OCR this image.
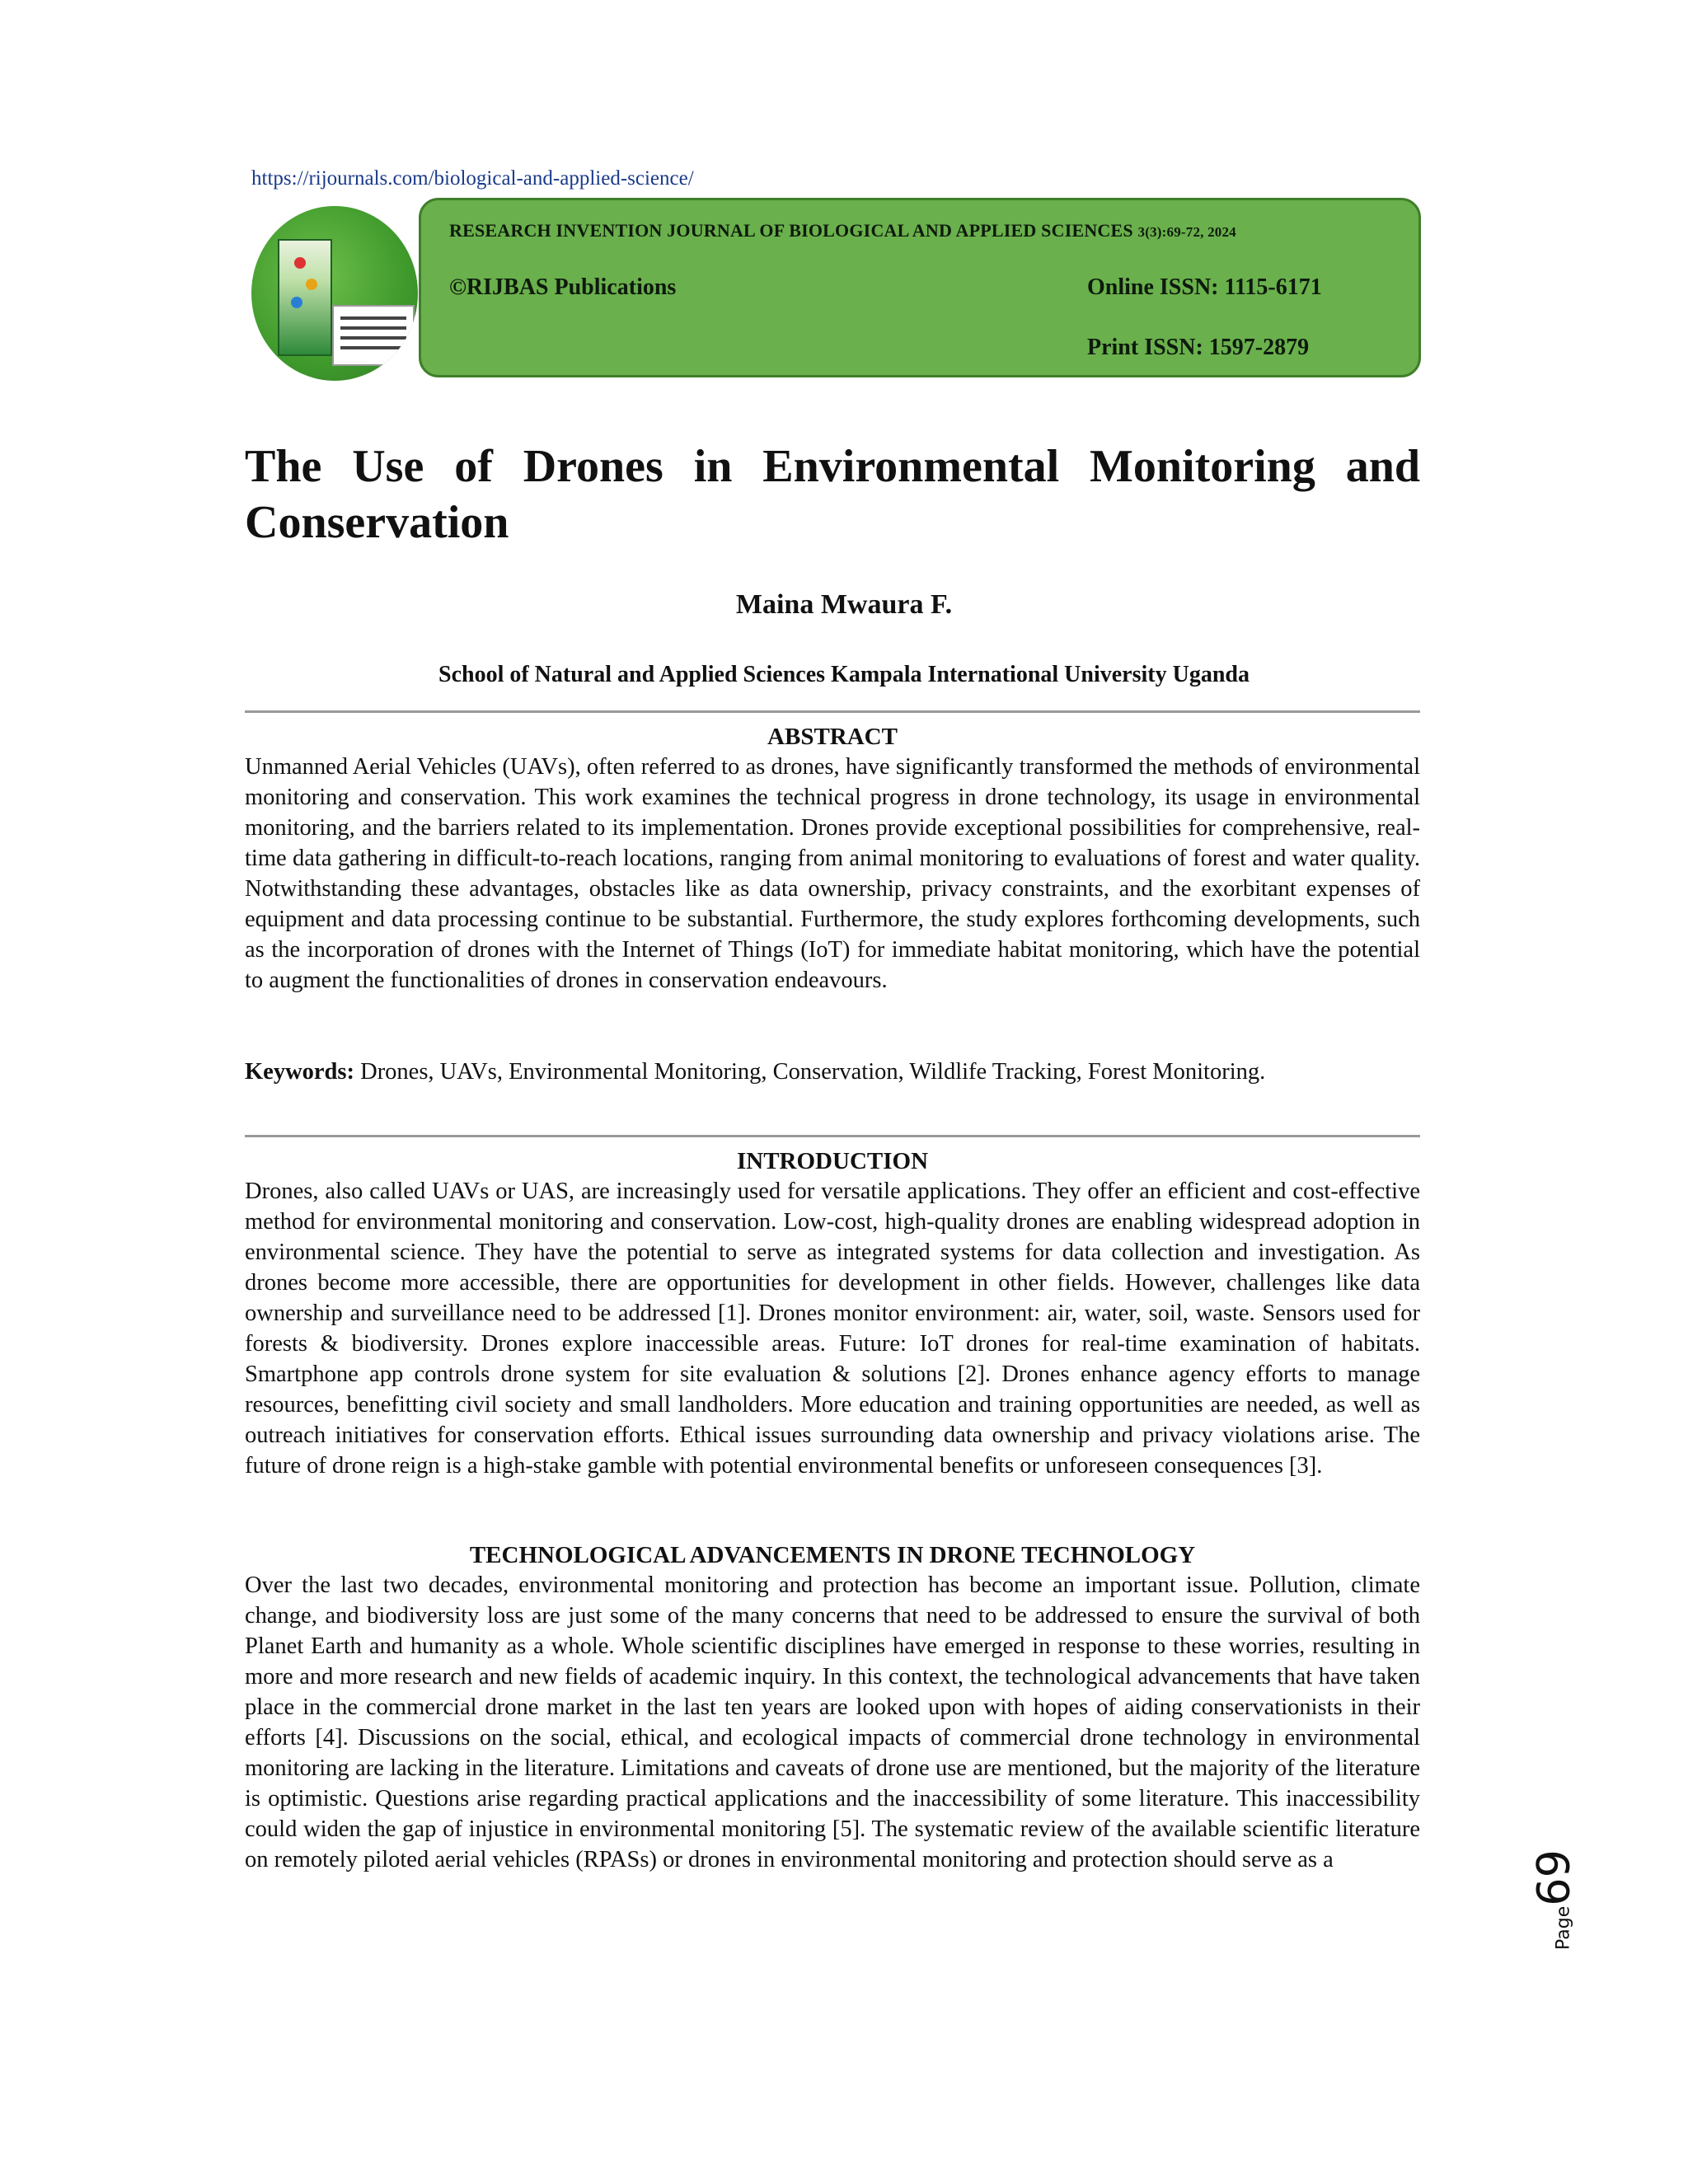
https://rijournals.com/biological-and-applied-science/
RESEARCH INVENTION JOURNAL OF BIOLOGICAL AND APPLIED SCIENCES 3(3):69-72, 2024
©RIJBAS Publications	Online ISSN: 1115-6171
Print ISSN: 1597-2879
The Use of Drones in Environmental Monitoring and Conservation
Maina Mwaura F.
School of Natural and Applied Sciences Kampala International University Uganda
ABSTRACT

Unmanned Aerial Vehicles (UAVs), often referred to as drones, have significantly transformed the methods of environmental monitoring and conservation. This work examines the technical progress in drone technology, its usage in environmental monitoring, and the barriers related to its implementation. Drones provide exceptional possibilities for comprehensive, real-time data gathering in difficult-to-reach locations, ranging from animal monitoring to evaluations of forest and water quality. Notwithstanding these advantages, obstacles like as data ownership, privacy constraints, and the exorbitant expenses of equipment and data processing continue to be substantial. Furthermore, the study explores forthcoming developments, such as the incorporation of drones with the Internet of Things (IoT) for immediate habitat monitoring, which have the potential to augment the functionalities of drones in conservation endeavours.

Keywords: Drones, UAVs, Environmental Monitoring, Conservation, Wildlife Tracking, Forest Monitoring.

INTRODUCTION

Drones, also called UAVs or UAS, are increasingly used for versatile applications. They offer an efficient and cost-effective method for environmental monitoring and conservation. Low-cost, high-quality drones are enabling widespread adoption in environmental science. They have the potential to serve as integrated systems for data collection and investigation. As drones become more accessible, there are opportunities for development in other fields. However, challenges like data ownership and surveillance need to be addressed [1]. Drones monitor environment: air, water, soil, waste. Sensors used for forests & biodiversity. Drones explore inaccessible areas. Future: IoT drones for real-time examination of habitats. Smartphone app controls drone system for site evaluation & solutions [2]. Drones enhance agency efforts to manage resources, benefitting civil society and small landholders. More education and training opportunities are needed, as well as outreach initiatives for conservation efforts. Ethical issues surrounding data ownership and privacy violations arise. The future of drone reign is a high-stake gamble with potential environmental benefits or unforeseen consequences [3].

TECHNOLOGICAL ADVANCEMENTS IN DRONE TECHNOLOGY

Over the last two decades, environmental monitoring and protection has become an important issue. Pollution, climate change, and biodiversity loss are just some of the many concerns that need to be addressed to ensure the survival of both Planet Earth and humanity as a whole. Whole scientific disciplines have emerged in response to these worries, resulting in more and more research and new fields of academic inquiry. In this context, the technological advancements that have taken place in the commercial drone market in the last ten years are looked upon with hopes of aiding conservationists in their efforts [4]. Discussions on the social, ethical, and ecological impacts of commercial drone technology in environmental monitoring are lacking in the literature. Limitations and caveats of drone use are mentioned, but the majority of the literature is optimistic. Questions arise regarding practical applications and the inaccessibility of some literature. This inaccessibility could widen the gap of injustice in environmental monitoring [5]. The systematic review of the available scientific literature on remotely piloted aerial vehicles (RPASs) or drones in environmental monitoring and protection should serve as a

Page69
